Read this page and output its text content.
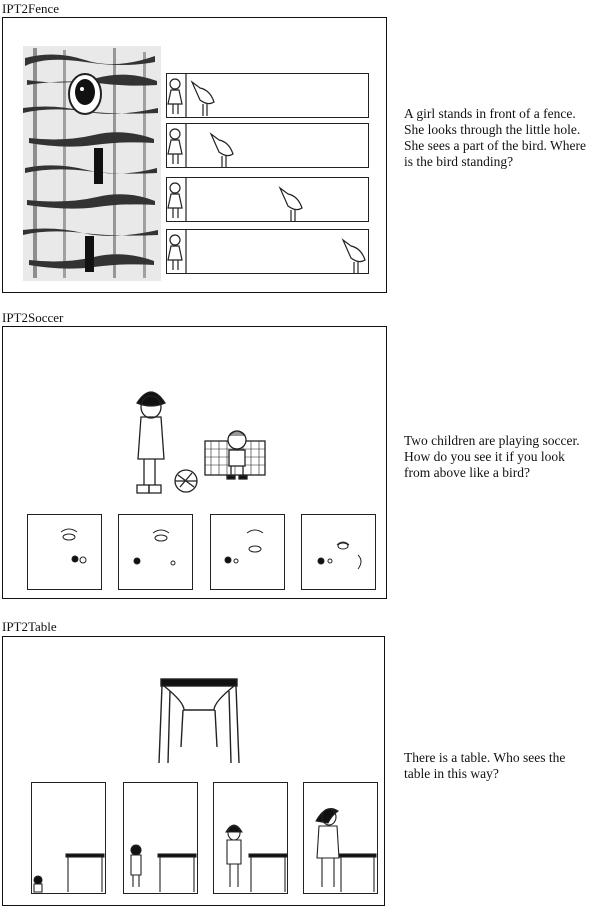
IPT2Fence
A girl stands in front of a fence.
She looks through the little hole.
She sees a part of the bird. Where
is the bird standing?
IPT2Soccer
Two children are playing soccer.
How do you see it if you look
from above like a bird?
IPT2Table
There is a table. Who sees the
table in this way?
